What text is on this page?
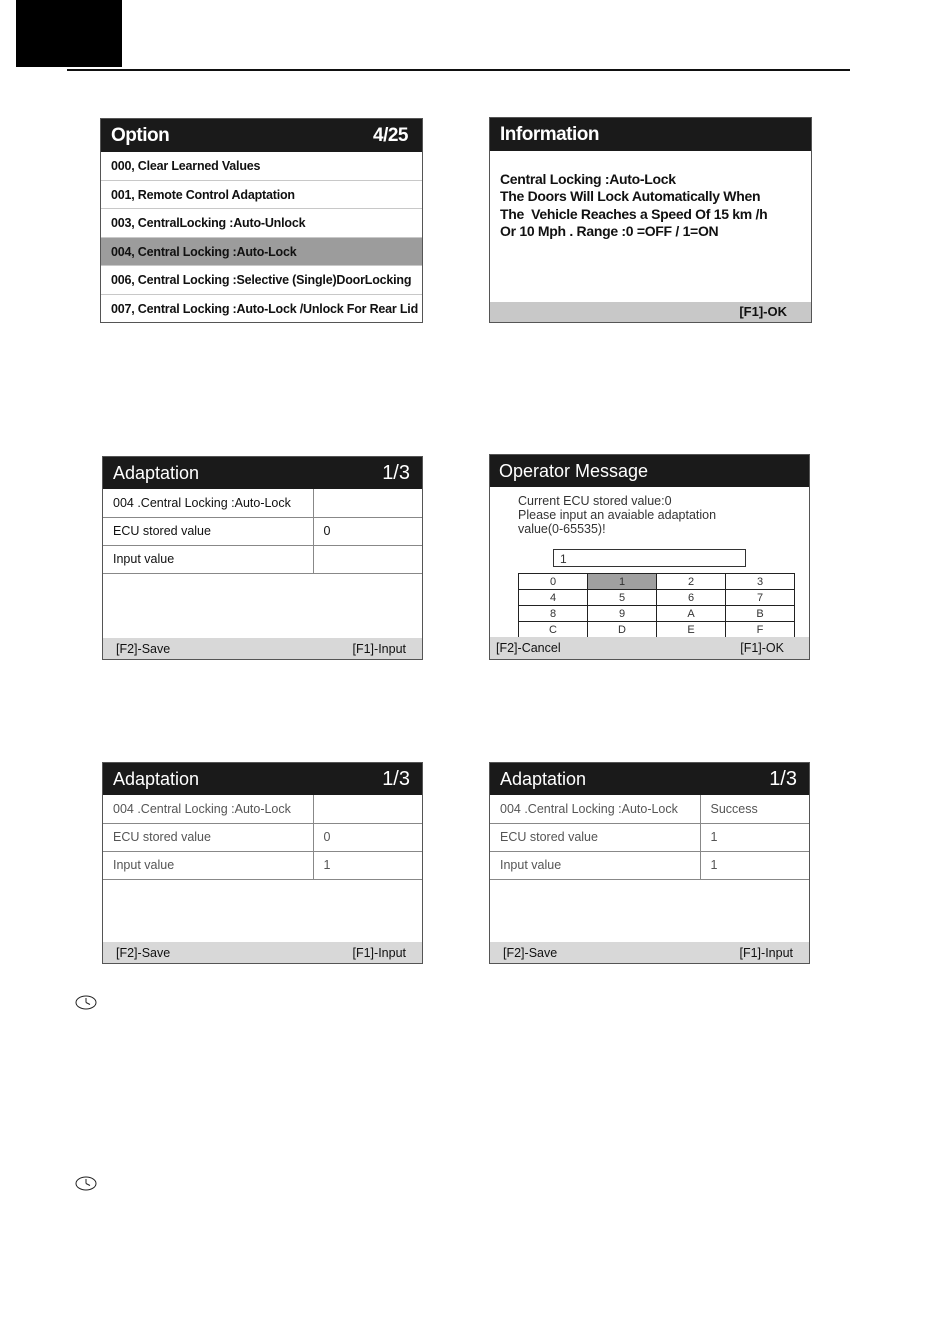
Option	4/25
000, Clear Learned Values
001, Remote Control Adaptation
003, CentralLocking :Auto-Unlock
004, Central Locking :Auto-Lock
006, Central Locking :Selective (Single)DoorLocking
007, Central Locking :Auto-Lock /Unlock For Rear Lid
Information
Central Locking :Auto-Lock
The Doors Will Lock Automatically When
The  Vehicle Reaches a Speed Of 15 km /h
Or 10 Mph . Range :0 =OFF / 1=ON
[F1]-OK
Adaptation	1/3
004 .Central Locking :Auto-Lock	
ECU stored value	0
Input value	
[F2]-Save	[F1]-Input
Operator Message
Current ECU stored value:0
Please input an avaiable adaptation
value(0-65535)!
1
0	1	2	3
4	5	6	7
8	9	A	B
C	D	E	F
[F2]-Cancel	[F1]-OK
Adaptation	1/3
004 .Central Locking :Auto-Lock	
ECU stored value	0
Input value	1
[F2]-Save	[F1]-Input
Adaptation	1/3
004 .Central Locking :Auto-Lock	Success
ECU stored value	1
Input value	1
[F2]-Save	[F1]-Input
